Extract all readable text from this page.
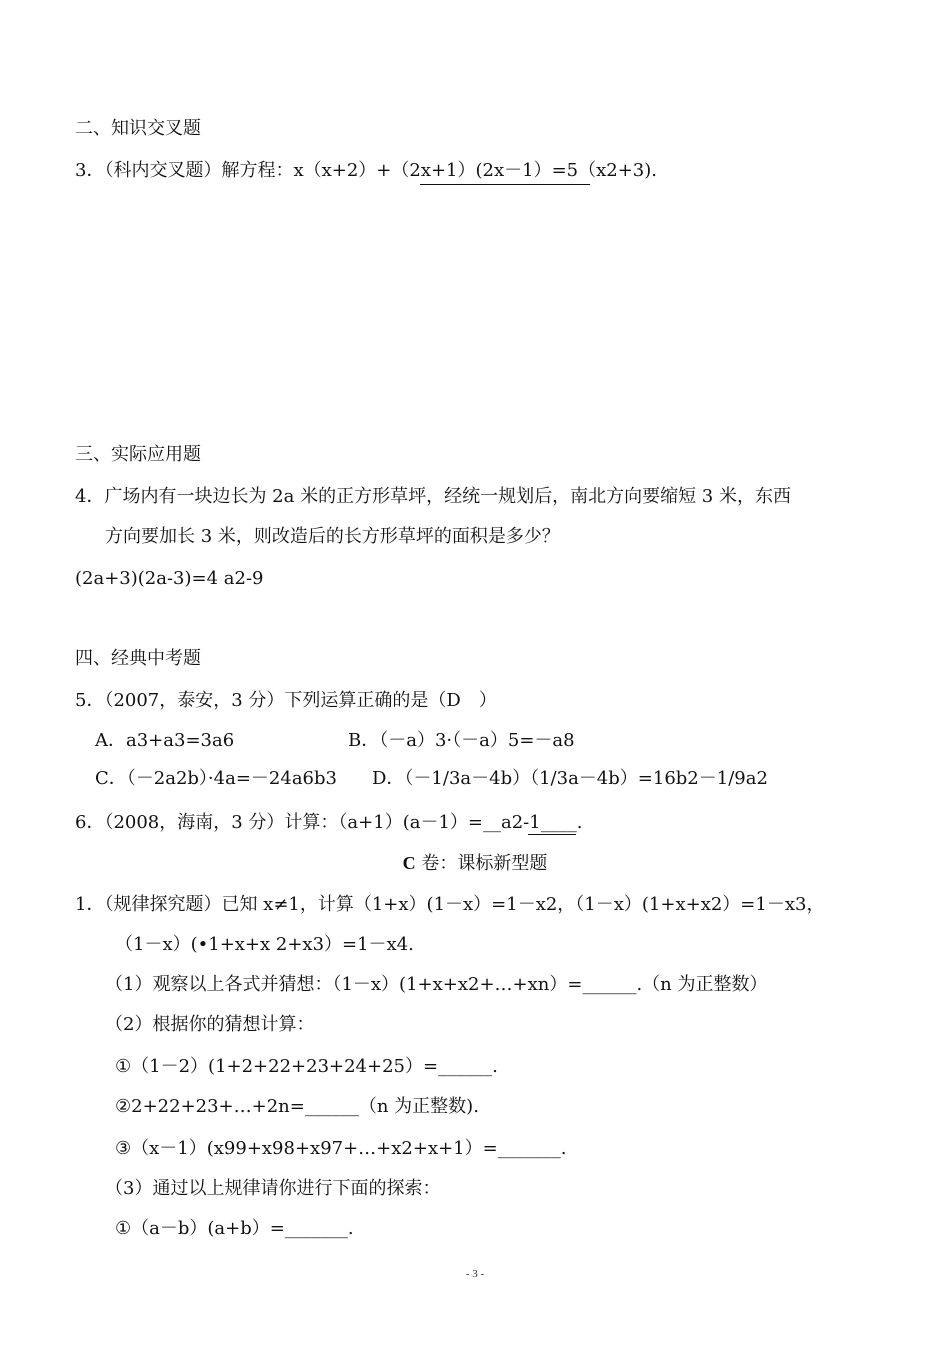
二、知识交叉题
3．（科内交叉题）解方程：x（x+2）+（2x+1）(2x－1）=5（x2+3).
三、实际应用题
4．广场内有一块边长为 2a 米的正方形草坪，经统一规划后，南北方向要缩短 3 米，东西
方向要加长 3 米，则改造后的长方形草坪的面积是多少？
(2a+3)(2a-3)=4 a2-9
四、经典中考题
5．（2007，泰安，3 分）下列运算正确的是（D　）
A．a3+a3=3a6	B．（－a）3·（－a）5=－a8
C．（－2a2b）·4a=－24a6b3 D．（－1/3a－4b）（1/3a－4b）=16b2－1/9a2
6．（2008，海南，3 分）计算：（a+1）(a－1）=__a2-1____.
C 卷：课标新型题
1．（规律探究题）已知 x≠1，计算（1+x）(1－x）=1－x2，（1－x）(1+x+x2）=1－x3，
（1－x）(•1+x+x 2+x3）=1－x4.
（1）观察以上各式并猜想：（1－x）(1+x+x2+…+xn）=______.（n 为正整数）
（2）根据你的猜想计算：
①（1－2）(1+2+22+23+24+25）=______.
②2+22+23+…+2n=______（n 为正整数).
③（x－1）(x99+x98+x97+…+x2+x+1）=_______.
（3）通过以上规律请你进行下面的探索：
①（a－b）(a+b）=_______.
- 3 -
